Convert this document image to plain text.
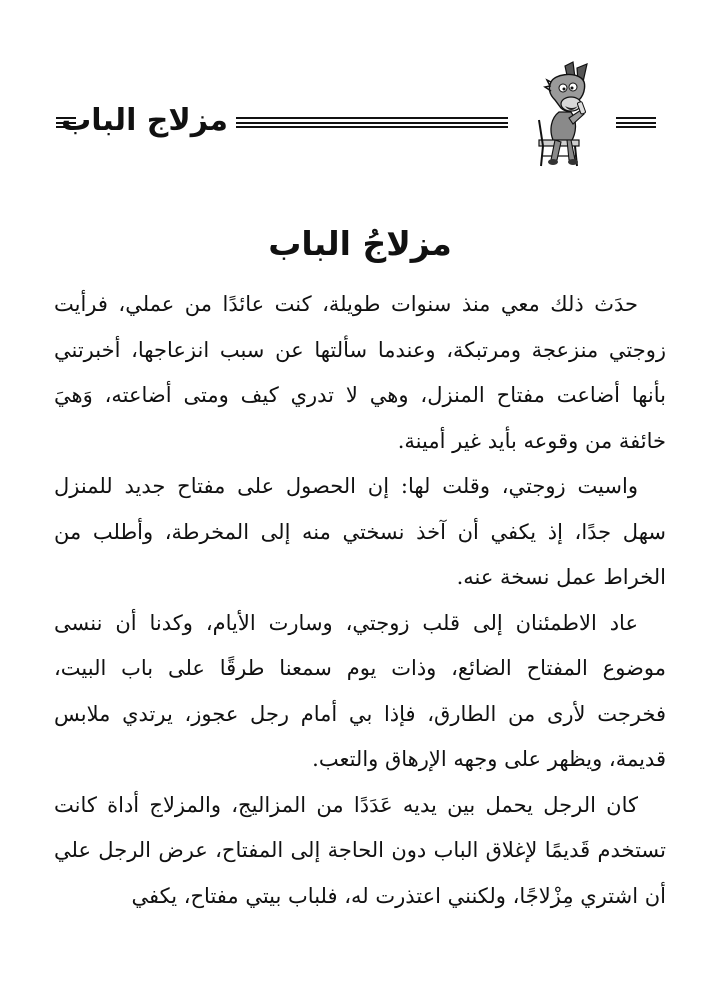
مزلاج الباب
مزلاجُ الباب

حدَث ذلك معي منذ سنوات طويلة، كنت عائدًا من عملي، فرأيت زوجتي منزعجة ومرتبكة، وعندما سألتها عن سبب انزعاجها، أخبرتني بأنها أضاعت مفتاح المنزل، وهي لا تدري كيف ومتى أضاعته، وَهيَ خائفة من وقوعه بأيد غير أمينة.

واسيت زوجتي، وقلت لها: إن الحصول على مفتاح جديد للمنزل سهل جدًا، إذ يكفي أن آخذ نسختي منه إلى المخرطة، وأطلب من الخراط عمل نسخة عنه.

عاد الاطمئنان إلى قلب زوجتي، وسارت الأيام، وكدنا أن ننسى موضوع المفتاح الضائع، وذات يوم سمعنا طرقًا على باب البيت، فخرجت لأرى من الطارق، فإذا بي أمام رجل عجوز، يرتدي ملابس قديمة، ويظهر على وجهه الإرهاق والتعب.

كان الرجل يحمل بين يديه عَدَدًا من المزاليج، والمزلاج أداة كانت تستخدم قَديمًا لإغلاق الباب دون الحاجة إلى المفتاح، عرض الرجل علي أن اشتري مِزْلاجًا، ولكنني اعتذرت له، فلباب بيتي مفتاح، يكفي
